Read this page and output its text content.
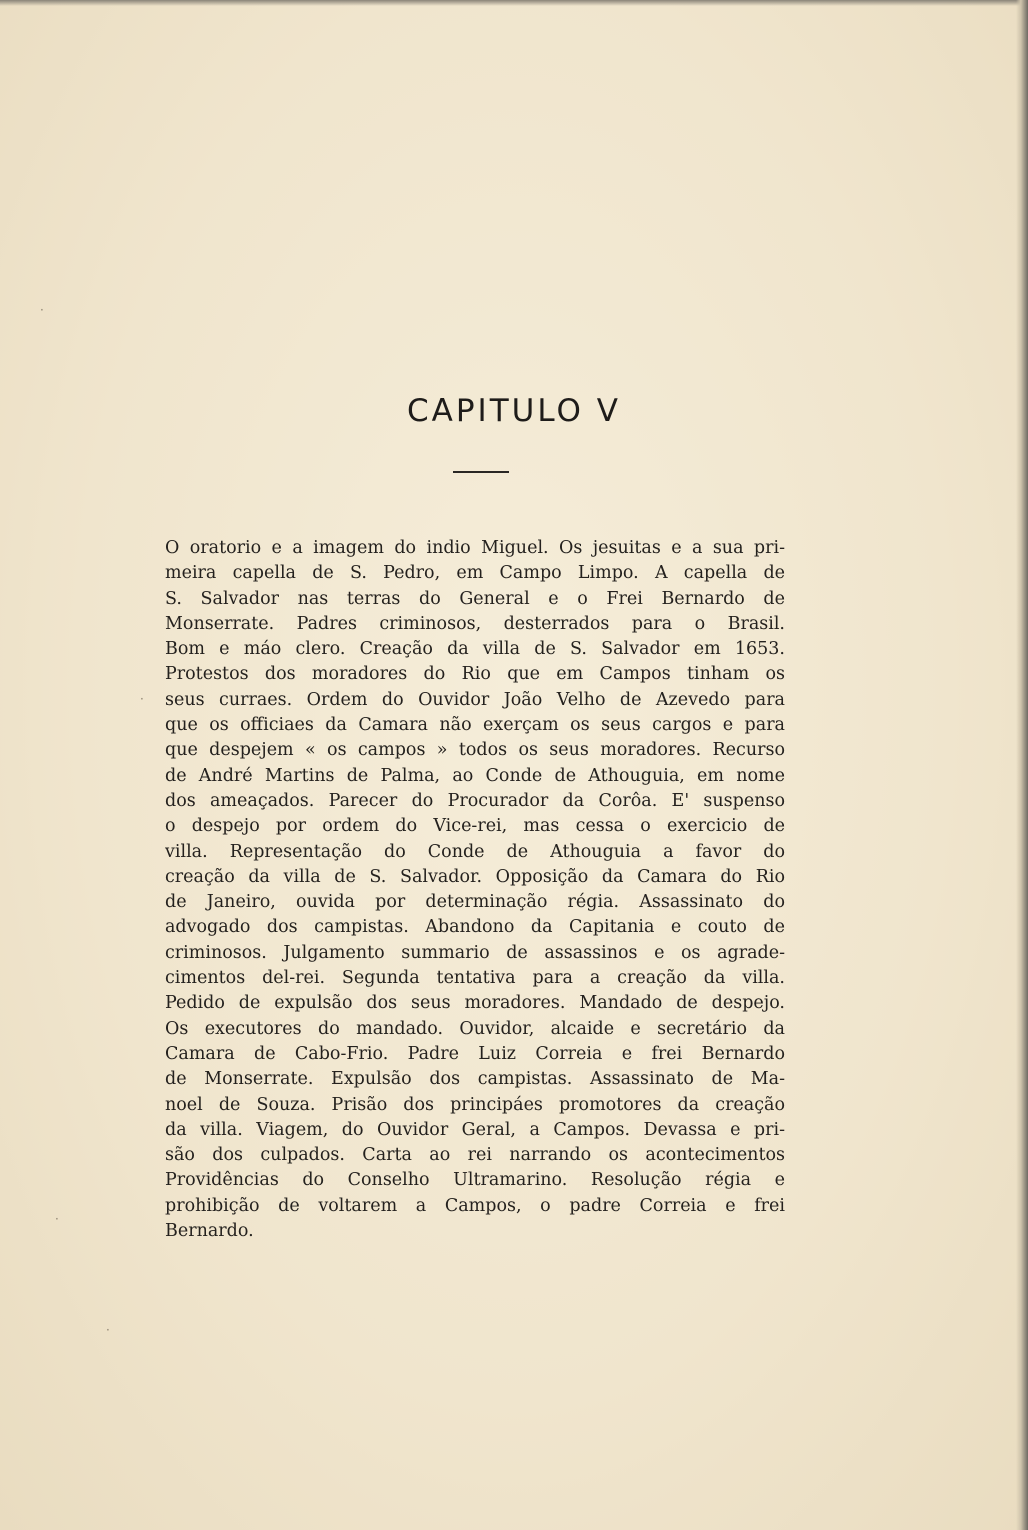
CAPITULO V
O oratorio e a imagem do indio Miguel. Os jesuitas e a sua pri-
meira capella de S. Pedro, em Campo Limpo. A capella de
S. Salvador nas terras do General e o Frei Bernardo de
Monserrate. Padres criminosos, desterrados para o Brasil.
Bom e máo clero. Creação da villa de S. Salvador em 1653.
Protestos dos moradores do Rio que em Campos tinham os
seus curraes. Ordem do Ouvidor João Velho de Azevedo para
que os officiaes da Camara não exerçam os seus cargos e para
que despejem « os campos » todos os seus moradores. Recurso
de André Martins de Palma, ao Conde de Athouguia, em nome
dos ameaçados. Parecer do Procurador da Corôa. E' suspenso
o despejo por ordem do Vice-rei, mas cessa o exercicio de
villa. Representação do Conde de Athouguia a favor do
creação da villa de S. Salvador. Opposição da Camara do Rio
de Janeiro, ouvida por determinação régia. Assassinato do
advogado dos campistas. Abandono da Capitania e couto de
criminosos. Julgamento summario de assassinos e os agrade-
cimentos del-rei. Segunda tentativa para a creação da villa.
Pedido de expulsão dos seus moradores. Mandado de despejo.
Os executores do mandado. Ouvidor, alcaide e secretário da
Camara de Cabo-Frio. Padre Luiz Correia e frei Bernardo
de Monserrate. Expulsão dos campistas. Assassinato de Ma-
noel de Souza. Prisão dos principáes promotores da creação
da villa. Viagem, do Ouvidor Geral, a Campos. Devassa e pri-
são dos culpados. Carta ao rei narrando os acontecimentos
Providências do Conselho Ultramarino. Resolução régia e
prohibição de voltarem a Campos, o padre Correia e frei
Bernardo.
·
·
·
·
